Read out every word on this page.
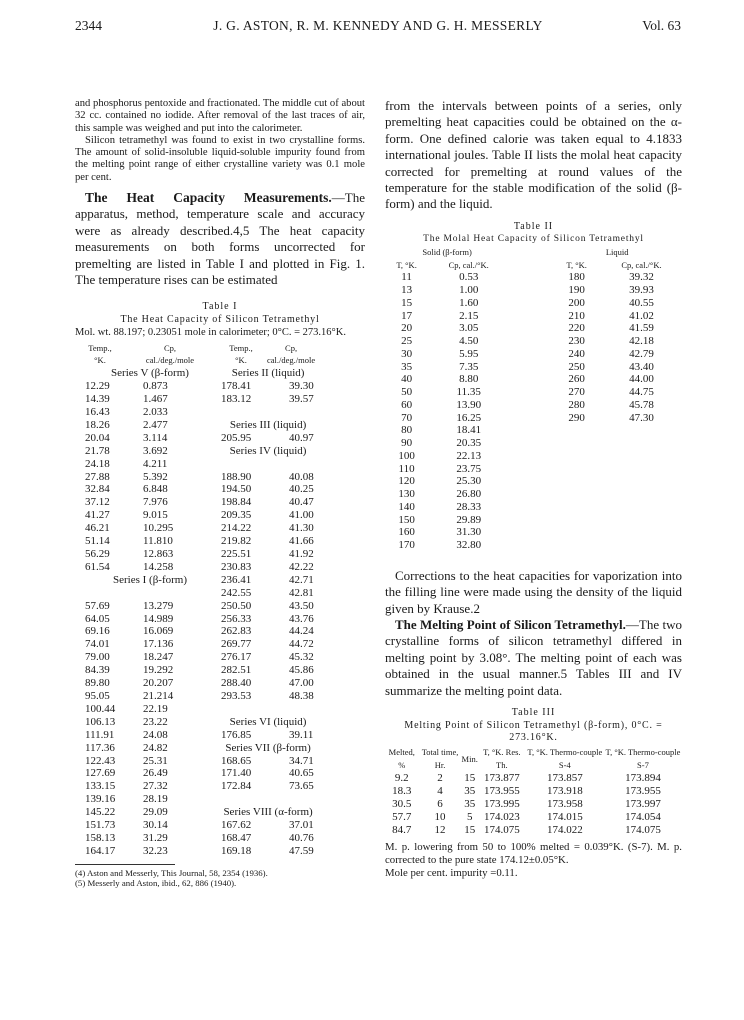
2344	J. G. ASTON, R. M. KENNEDY AND G. H. MESSERLY	Vol. 63

and phosphorus pentoxide and fractionated. The middle cut of about 32 cc. contained no iodide. After removal of the last traces of air, this sample was weighed and put into the calorimeter.

Silicon tetramethyl was found to exist in two crystalline forms. The amount of solid-insoluble liquid-soluble impurity found from the melting point range of either crystalline variety was 0.1 mole per cent.

The Heat Capacity Measurements.—The apparatus, method, temperature scale and accuracy were as already described.4,5 The heat capacity measurements on both forms uncorrected for premelting are listed in Table I and plotted in Fig. 1. The temperature rises can be estimated

Table I
The Heat Capacity of Silicon Tetramethyl
Mol. wt. 88.197; 0.23051 mole in calorimeter; 0°C. = 273.16°K.
Temp.,
°K.	Cp,
cal./deg./mole	Temp.,
°K.	Cp,
cal./deg./mole
Series V (β-form)		Series II (liquid)	
12.29	0.873	178.41	39.30
14.39	1.467	183.12	39.57
16.43	2.033		
18.26	2.477	Series III (liquid)	
20.04	3.114	205.95	40.97
21.78	3.692	Series IV (liquid)	
24.18	4.211		
27.88	5.392	188.90	40.08
32.84	6.848	194.50	40.25
37.12	7.976	198.84	40.47
41.27	9.015	209.35	41.00
46.21	10.295	214.22	41.30
51.14	11.810	219.82	41.66
56.29	12.863	225.51	41.92
61.54	14.258	230.83	42.22
Series I (β-form)		236.41	42.71
		242.55	42.81
57.69	13.279	250.50	43.50
64.05	14.989	256.33	43.76
69.16	16.069	262.83	44.24
74.01	17.136	269.77	44.72
79.00	18.247	276.17	45.32
84.39	19.292	282.51	45.86
89.80	20.207	288.40	47.00
95.05	21.214	293.53	48.38
100.44	22.19		
106.13	23.22	Series VI (liquid)	
111.91	24.08	176.85	39.11
117.36	24.82	Series VII (β-form)	
122.43	25.31	168.65	34.71
127.69	26.49	171.40	40.65
133.15	27.32	172.84	73.65
139.16	28.19		
145.22	29.09	Series VIII (α-form)	
151.73	30.14	167.62	37.01
158.13	31.29	168.47	40.76
164.17	32.23	169.18	47.59

(4) Aston and Messerly, This Journal, 58, 2354 (1936).

(5) Messerly and Aston, ibid., 62, 886 (1940).

from the intervals between points of a series, only premelting heat capacities could be obtained on the α-form. One defined calorie was taken equal to 4.1833 international joules. Table II lists the molal heat capacity corrected for premelting at round values of the temperature for the stable modification of the solid (β-form) and the liquid.

Table II
The Molal Heat Capacity of Silicon Tetramethyl
Solid (β-form)			Liquid	
T, °K.	Cp, cal./°K.		T, °K.	Cp, cal./°K.
11	0.53		180	39.32
13	1.00		190	39.93
15	1.60		200	40.55
17	2.15		210	41.02
20	3.05		220	41.59
25	4.50		230	42.18
30	5.95		240	42.79
35	7.35		250	43.40
40	8.80		260	44.00
50	11.35		270	44.75
60	13.90		280	45.78
70	16.25		290	47.30
80	18.41			
90	20.35			
100	22.13			
110	23.75			
120	25.30			
130	26.80			
140	28.33			
150	29.89			
160	31.30			
170	32.80			

Corrections to the heat capacities for vaporization into the filling line were made using the density of the liquid given by Krause.2

The Melting Point of Silicon Tetramethyl.—The two crystalline forms of silicon tetramethyl differed in melting point by 3.08°. The melting point of each was obtained in the usual manner.5 Tables III and IV summarize the melting point data.

Table III
Melting Point of Silicon Tetramethyl (β-form), 0°C. = 273.16°K.
Melted, %	Total time, Hr.	Min.	T, °K. Res. Th.	T, °K. Thermo-couple S-4	T, °K. Thermo-couple S-7
9.2	2	15	173.877	173.857	173.894
18.3	4	35	173.955	173.918	173.955
30.5	6	35	173.995	173.958	173.997
57.7	10	5	174.023	174.015	174.054
84.7	12	15	174.075	174.022	174.075

M. p. lowering from 50 to 100% melted = 0.039°K. (S-7). M. p. corrected to the pure state 174.12±0.05°K.

Mole per cent. impurity =0.11.
